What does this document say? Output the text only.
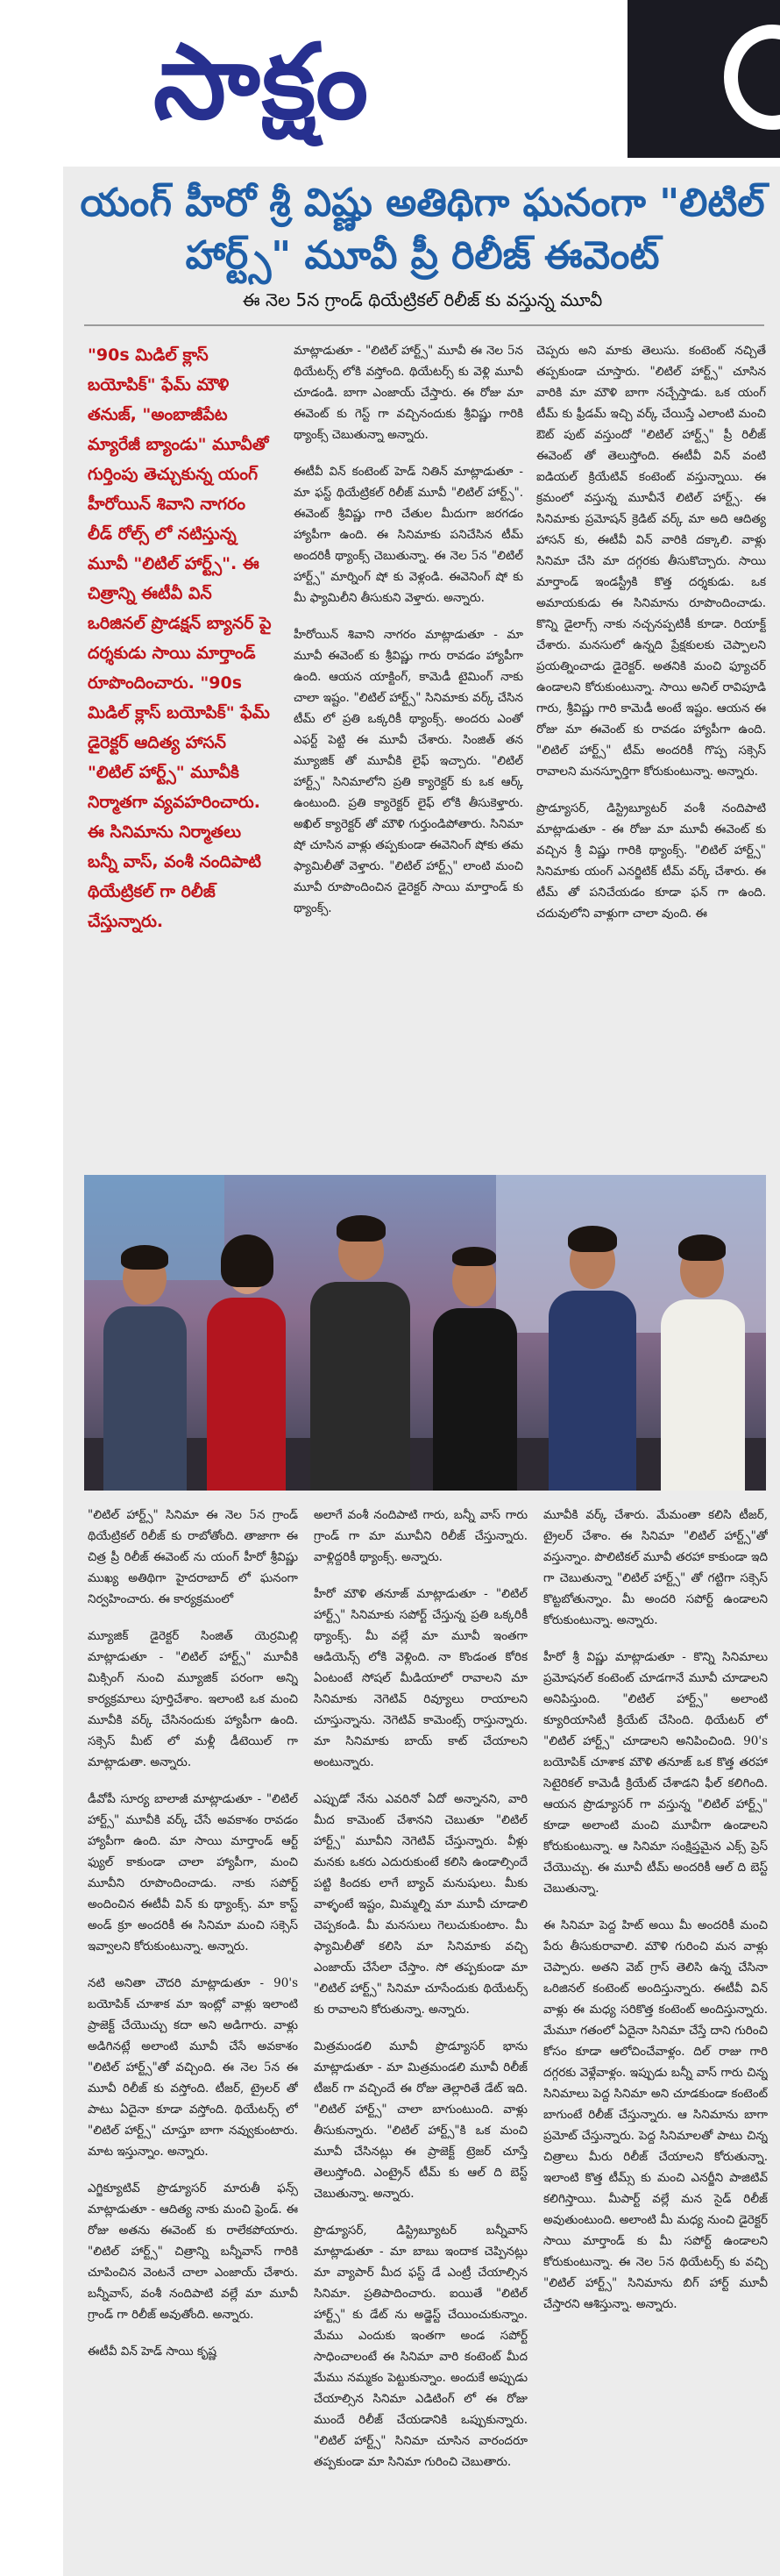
సాక్షం
యంగ్ హీరో శ్రీ విష్ణు అతిథిగా ఘనంగా "లిటిల్ హార్ట్స్" మూవీ ప్రీ రిలీజ్ ఈవెంట్
ఈ నెల 5న గ్రాండ్ థియేట్రికల్ రిలీజ్ కు వస్తున్న మూవీ
"90s మిడిల్ క్లాస్ బయోపిక్" ఫేమ్ మౌళి తనుజ్, "అంబాజీపేట మ్యారేజీ బ్యాండు" మూవీతో గుర్తింపు తెచ్చుకున్న యంగ్ హీరోయిన్ శివాని నాగరం లీడ్ రోల్స్ లో నటిస్తున్న మూవీ "లిటిల్ హార్ట్స్". ఈ చిత్రాన్ని ఈటీవీ విన్ ఒరిజినల్ ప్రొడక్షన్ బ్యానర్ పై దర్శకుడు సాయి మార్తాండ్ రూపొందించారు. "90s మిడిల్ క్లాస్ బయోపిక్" ఫేమ్ డైరెక్టర్ ఆదిత్య హాసన్ "లిటిల్ హార్ట్స్" మూవీకి నిర్మాతగా వ్యవహరించారు. ఈ సినిమాను నిర్మాతలు బన్నీ వాస్, వంశీ నందిపాటి థియేట్రికల్ గా రిలీజ్ చేస్తున్నారు.

మాట్లాడుతూ - "లిటిల్ హార్ట్స్" మూవీ ఈ నెల 5న థియేటర్స్ లోకి వస్తోంది. థియేటర్స్ కు వెళ్లి మూవీ చూడండి. బాగా ఎంజాయ్ చేస్తారు. ఈ రోజు మా ఈవెంట్ కు గెస్ట్ గా వచ్చినందుకు శ్రీవిష్ణు గారికి థ్యాంక్స్ చెబుతున్నా అన్నారు.

ఈటీవీ విన్ కంటెంట్ హెడ్ నితిన్ మాట్లాడుతూ - మా ఫస్ట్ థియేట్రికల్ రిలీజ్ మూవీ "లిటిల్ హార్ట్స్". ఈవెంట్ శ్రీవిష్ణు గారి చేతుల మీదుగా జరగడం హ్యాపీగా ఉంది. ఈ సినిమాకు పనిచేసిన టీమ్ అందరికీ థ్యాంక్స్ చెబుతున్నా. ఈ నెల 5న "లిటిల్ హార్ట్స్" మార్నింగ్ షో కు వెళ్లండి. ఈవెనింగ్ షో కు మీ ఫ్యామిలీని తీసుకుని వెళ్తారు. అన్నారు.

హీరోయిన్ శివాని నాగరం మాట్లాడుతూ - మా మూవీ ఈవెంట్ కు శ్రీవిష్ణు గారు రావడం హ్యాపీగా ఉంది. ఆయన యాక్టింగ్, కామెడీ టైమింగ్ నాకు చాలా ఇష్టం. "లిటిల్ హార్ట్స్" సినిమాకు వర్క్ చేసిన టీమ్ లో ప్రతి ఒక్కరికీ థ్యాంక్స్. అందరు ఎంతో ఎఫర్ట్ పెట్టి ఈ మూవీ చేశారు. సింజిత్ తన మ్యూజిక్ తో మూవీకి లైఫ్ ఇచ్చారు. "లిటిల్ హార్ట్స్" సినిమాలోని ప్రతి క్యారెక్టర్ కు ఒక ఆర్క్ ఉంటుంది. ప్రతి క్యారెక్టర్ లైఫ్ లోకి తీసుకెళ్తారు. అఖిల్ క్యారెక్టర్ తో మౌళి గుర్తుండిపోతారు. సినిమా షో చూసిన వాళ్లు తప్పకుండా ఈవెనింగ్ షోకు తమ ఫ్యామిలీతో వెళ్తారు. "లిటిల్ హార్ట్స్" లాంటి మంచి మూవీ రూపొందించిన డైరెక్టర్ సాయి మార్తాండ్ కు థ్యాంక్స్.

చెప్పరు అని మాకు తెలుసు. కంటెంట్ నచ్చితే తప్పకుండా చూస్తారు. "లిటిల్ హార్ట్స్" చూసిన వారికి మా మౌళి బాగా నచ్చేస్తాడు. ఒక యంగ్ టీమ్ కు ఫ్రీడమ్ ఇచ్చి వర్క్ చేయిస్తే ఎలాంటి మంచి ఔట్ పుట్ వస్తుందో "లిటిల్ హార్ట్స్" ప్రీ రిలీజ్ ఈవెంట్ తో తెలుస్తోంది. ఈటీవీ విన్ వంటి ఐడియల్ క్రియేటివ్ కంటెంట్ వస్తున్నాయి. ఈ క్రమంలో వస్తున్న మూవీనే లిటిల్ హార్ట్స్. ఈ సినిమాకు ప్రమోషన్ క్రెడిట్ వర్క్ మా అది ఆదిత్య హాసన్ కు, ఈటీవీ విన్ వారికి దక్కాలి. వాళ్లు సినిమా చేసి మా దగ్గరకు తీసుకొచ్చారు. సాయి మార్తాండ్ ఇండస్ట్రీకి కొత్త దర్శకుడు. ఒక అమాయకుడు ఈ సినిమాను రూపొందించాడు. కొన్ని డైలాగ్స్ నాకు నచ్చనప్పటికీ కూడా. రియాక్ట్ చేశారు. మనసులో ఉన్నది ప్రేక్షకులకు చెప్పాలని ప్రయత్నించాడు డైరెక్టర్. అతనికి మంచి ఫ్యూచర్ ఉండాలని కోరుకుంటున్నా. సాయి అనిల్ రావిపూడి గారు, శ్రీవిష్ణు గారి కామెడీ అంటే ఇష్టం. ఆయన ఈ రోజు మా ఈవెంట్ కు రావడం హ్యాపీగా ఉంది. "లిటిల్ హార్ట్స్" టీమ్ అందరికీ గొప్ప సక్సెస్ రావాలని మనస్ఫూర్తిగా కోరుకుంటున్నా. అన్నారు.

ప్రొడ్యూసర్, డిస్ట్రిబ్యూటర్ వంశీ నందిపాటి మాట్లాడుతూ - ఈ రోజు మా మూవీ ఈవెంట్ కు వచ్చిన శ్రీ విష్ణు గారికి థ్యాంక్స్. "లిటిల్ హార్ట్స్" సినిమాకు యంగ్ ఎనర్జిటిక్ టీమ్ వర్క్ చేశారు. ఈ టీమ్ తో పనిచేయడం కూడా ఫన్ గా ఉంది. చదువులోని వాళ్లుగా చాలా వుంది. ఈ

"లిటిల్ హార్ట్స్" సినిమా ఈ నెల 5న గ్రాండ్ థియేట్రికల్ రిలీజ్ కు రాబోతోంది. తాజాగా ఈ చిత్ర ప్రీ రిలీజ్ ఈవెంట్ ను యంగ్ హీరో శ్రీవిష్ణు ముఖ్య అతిథిగా హైదరాబాద్ లో ఘనంగా నిర్వహించారు. ఈ కార్యక్రమంలో

మ్యూజిక్ డైరెక్టర్ సింజిత్ యెర్రమిల్లి మాట్లాడుతూ - "లిటిల్ హార్ట్స్" మూవీకి మిక్సింగ్ నుంచి మ్యూజిక్ పరంగా అన్ని కార్యక్రమాలు పూర్తిచేశాం. ఇలాంటి ఒక మంచి మూవీకి వర్క్ చేసినందుకు హ్యాపీగా ఉంది. సక్సెస్ మీట్ లో మళ్లీ డీటెయిల్ గా మాట్లాడుతా. అన్నారు.

డీవోపీ సూర్య బాలాజీ మాట్లాడుతూ - "లిటిల్ హార్ట్స్" మూవీకి వర్క్ చేసే అవకాశం రావడం హ్యాపీగా ఉంది. మా సాయి మార్తాండ్ ఆర్ట్ ఫ్యుల్ కాకుండా చాలా హ్యాపీగా, మంచి మూవీని రూపొందించాడు. నాకు సపోర్ట్ అందించిన ఈటీవీ విన్ కు థ్యాంక్స్. మా కాస్ట్ అండ్ క్రూ అందరికీ ఈ సినిమా మంచి సక్సెస్ ఇవ్వాలని కోరుకుంటున్నా. అన్నారు.

నటి అనితా చౌదరి మాట్లాడుతూ - 90's బయోపిక్ చూశాక మా ఇంట్లో వాళ్లు ఇలాంటి ప్రాజెక్ట్ చేయొచ్చు కదా అని అడిగారు. వాళ్లు అడిగినట్లే అలాంటి మూవీ చేసే అవకాశం "లిటిల్ హార్ట్స్"తో వచ్చింది. ఈ నెల 5న ఈ మూవీ రిలీజ్ కు వస్తోంది. టీజర్, ట్రైలర్ తో పాటు ఏదైనా కూడా వస్తోంది. థియేటర్స్ లో "లిటిల్ హార్ట్స్" చూస్తూ బాగా నవ్వుకుంటారు. మాట ఇస్తున్నాం. అన్నారు.

ఎగ్జిక్యూటివ్ ప్రొడ్యూసర్ మారుతీ ఫన్స్ మాట్లాడుతూ - ఆదిత్య నాకు మంచి ఫ్రెండ్. ఈ రోజు అతను ఈవెంట్ కు రాలేకపోయారు. "లిటిల్ హార్ట్స్" చిత్రాన్ని బన్నీవాస్ గారికి చూపించిన వెంటనే చాలా ఎంజాయ్ చేశారు. బన్నీవాస్, వంశీ నందిపాటి వల్లే మా మూవీ గ్రాండ్ గా రిలీజ్ అవుతోంది. అన్నారు.

ఈటీవీ విన్ హెడ్ సాయి కృష్ణ

అలాగే వంశీ నందిపాటి గారు, బన్నీ వాస్ గారు గ్రాండ్ గా మా మూవీని రిలీజ్ చేస్తున్నారు. వాళ్లిద్దరికీ థ్యాంక్స్. అన్నారు.

హీరో మౌళి తనూజ్ మాట్లాడుతూ - "లిటిల్ హార్ట్స్" సినిమాకు సపోర్ట్ చేస్తున్న ప్రతి ఒక్కరికీ థ్యాంక్స్. మీ వల్లే మా మూవీ ఇంతగా ఆడియెన్స్ లోకి వెళ్లింది. నా కొండంత కోరిక ఏంటంటే సోషల్ మీడియాలో రావాలని మా సినిమాకు నెగెటివ్ రివ్యూలు రాయాలని చూస్తున్నాను. నెగెటివ్ కామెంట్స్ రాస్తున్నారు. మా సినిమాకు బాయ్ కాట్ చేయాలని అంటున్నారు.

ఎప్పుడో నేను ఎవరినో ఏదో అన్నానని, వారి మీద కామెంట్ చేశానని చెబుతూ "లిటిల్ హార్ట్స్" మూవీని నెగెటివ్ చేస్తున్నారు. వీళ్లు మనకు ఒకరు ఎదురుకుంటే కలిసి ఉండాల్సిందే పట్టి కిందకు లాగే బ్యాచ్ మనుషులు. మీకు వాళ్ళంటే ఇష్టం, మిమ్మల్ని మా మూవీ చూడాలి చెప్పకండి. మీ మనసులు గెలుచుకుంటాం. మీ ఫ్యామిలీతో కలిసి మా సినిమాకు వచ్చి ఎంజాయ్ చేసేలా చేస్తాం. సో తప్పకుండా మా "లిటిల్ హార్ట్స్" సినిమా చూసేందుకు థియేటర్స్ కు రావాలని కోరుతున్నా. అన్నారు.

మిత్రమండలి మూవీ ప్రొడ్యూసర్ భాను మాట్లాడుతూ - మా మిత్రమండలి మూవీ రిలీజ్ టీజర్ గా వచ్చిందే ఈ రోజు తెల్లారితే డేట్ ఇది. "లిటిల్ హార్ట్స్" చాలా బాగుంటుంది. వాళ్లు తీసుకున్నారు. "లిటిల్ హార్ట్స్"కి ఒక మంచి మూవీ చేసినట్లు ఈ ప్రాజెక్ట్ ట్రెజర్ చూస్తే తెలుస్తోంది. ఎంట్రైన్ టీమ్ కు ఆల్ ది బెస్ట్ చెబుతున్నా. అన్నారు.

ప్రొడ్యూసర్, డిస్ట్రిబ్యూటర్ బన్నీవాస్ మాట్లాడుతూ - మా బాబు ఇందాక చెప్పినట్లు మా వ్యాపార్ మీద ఫస్ట్ డే ఎంట్రీ చేయాల్సిన సినిమా. ప్రతిపాదించారు. ఐయితే "లిటిల్ హార్ట్స్" కు డేట్ ను అడ్జెస్ట్ చేయించుకున్నాం. మేము ఎందుకు ఇంతగా అండ సపోర్ట్ సాధించాలంటే ఈ సినిమా వారి కంటెంట్ మీద మేము నమ్మకం పెట్టుకున్నాం. అందుకే అప్పుడు చేయాల్సిన సినిమా ఎడిటింగ్ లో ఈ రోజు ముందే రిలీజ్ చేయడానికి ఒప్పుకున్నారు. "లిటిల్ హార్ట్స్" సినిమా చూసిన వారందరూ తప్పకుండా మా సినిమా గురించి చెబుతారు.

మూవీకి వర్క్ చేశారు. మేమంతా కలిసి టీజర్, ట్రైలర్ చేశాం. ఈ సినిమా "లిటిల్ హార్ట్స్"తో వస్తున్నాం. పొలిటికల్ మూవీ తరహా కాకుండా ఇది గా చెబుతున్నా "లిటిల్ హార్ట్స్" తో గట్టిగా సక్సెస్ కొట్టబోతున్నాం. మీ అందరి సపోర్ట్ ఉండాలని కోరుకుంటున్నా. అన్నారు.

హీరో శ్రీ విష్ణు మాట్లాడుతూ - కొన్ని సినిమాలు ప్రమోషనల్ కంటెంట్ చూడగానే మూవీ చూడాలని అనిపిస్తుంది. "లిటిల్ హార్ట్స్" అలాంటి క్యూరియాసిటీ క్రియేట్ చేసింది. థియేటర్ లో "లిటిల్ హార్ట్స్" చూడాలని అనిపించింది. 90's బయోపిక్ చూశాక మౌళి తనూజ్ ఒక కొత్త తరహా సెటైరికల్ కామెడీ క్రియేట్ చేశాడని ఫీల్ కలిగింది. ఆయన ప్రొడ్యూసర్ గా వస్తున్న "లిటిల్ హార్ట్స్" కూడా అలాంటి మంచి మూవీగా ఉండాలని కోరుకుంటున్నా. ఆ సినిమా సంక్షిప్తమైన ఎక్స్ ప్రెస్ చేయొచ్చు. ఈ మూవీ టీమ్ అందరికీ ఆల్ ది బెస్ట్ చెబుతున్నా.

ఈ సినిమా పెద్ద హిట్ అయి మీ అందరికీ మంచి పేరు తీసుకురావాలి. మౌళి గురించి మన వాళ్లు చెప్పారు. అతని వెబ్ గ్రాస్ తెలిసి ఉన్న చేసినా ఒరిజినల్ కంటెంట్ అందిస్తున్నారు. ఈటీవీ విన్ వాళ్లు ఈ మధ్య సరికొత్త కంటెంట్ అందిస్తున్నారు. మేమూ గతంలో ఏదైనా సినిమా చేస్తే దాని గురించి కోసం కూడా ఆలోచించేవాళ్లం. దిల్ రాజు గారి దగ్గరకు వెళ్లేవాళ్లం. ఇప్పుడు బన్నీ వాస్ గారు చిన్న సినిమాలు పెద్ద సినిమా అని చూడకుండా కంటెంట్ బాగుంటే రిలీజ్ చేస్తున్నారు. ఆ సినిమాను బాగా ప్రమోట్ చేస్తున్నారు. పెద్ద సినిమాలతో పాటు చిన్న చిత్రాలు మీరు రిలీజ్ చేయాలని కోరుతున్నా. ఇలాంటి కొత్త టీమ్స్ కు మంచి ఎనర్జీని పాజిటివ్ కలిగిస్తాయి. మీపార్ట్ వల్లే మన సైడ్ రిలీజ్ అవుతుంటుంది. అలాంటి మీ మధ్య నుంచి డైరెక్టర్ సాయి మార్తాండ్ కు మీ సపోర్ట్ ఉండాలని కోరుకుంటున్నా. ఈ నెల 5న థియేటర్స్ కు వచ్చి "లిటిల్ హార్ట్స్" సినిమాను బిగ్ హార్ట్ మూవీ చేస్తారని ఆశిస్తున్నా. అన్నారు.
